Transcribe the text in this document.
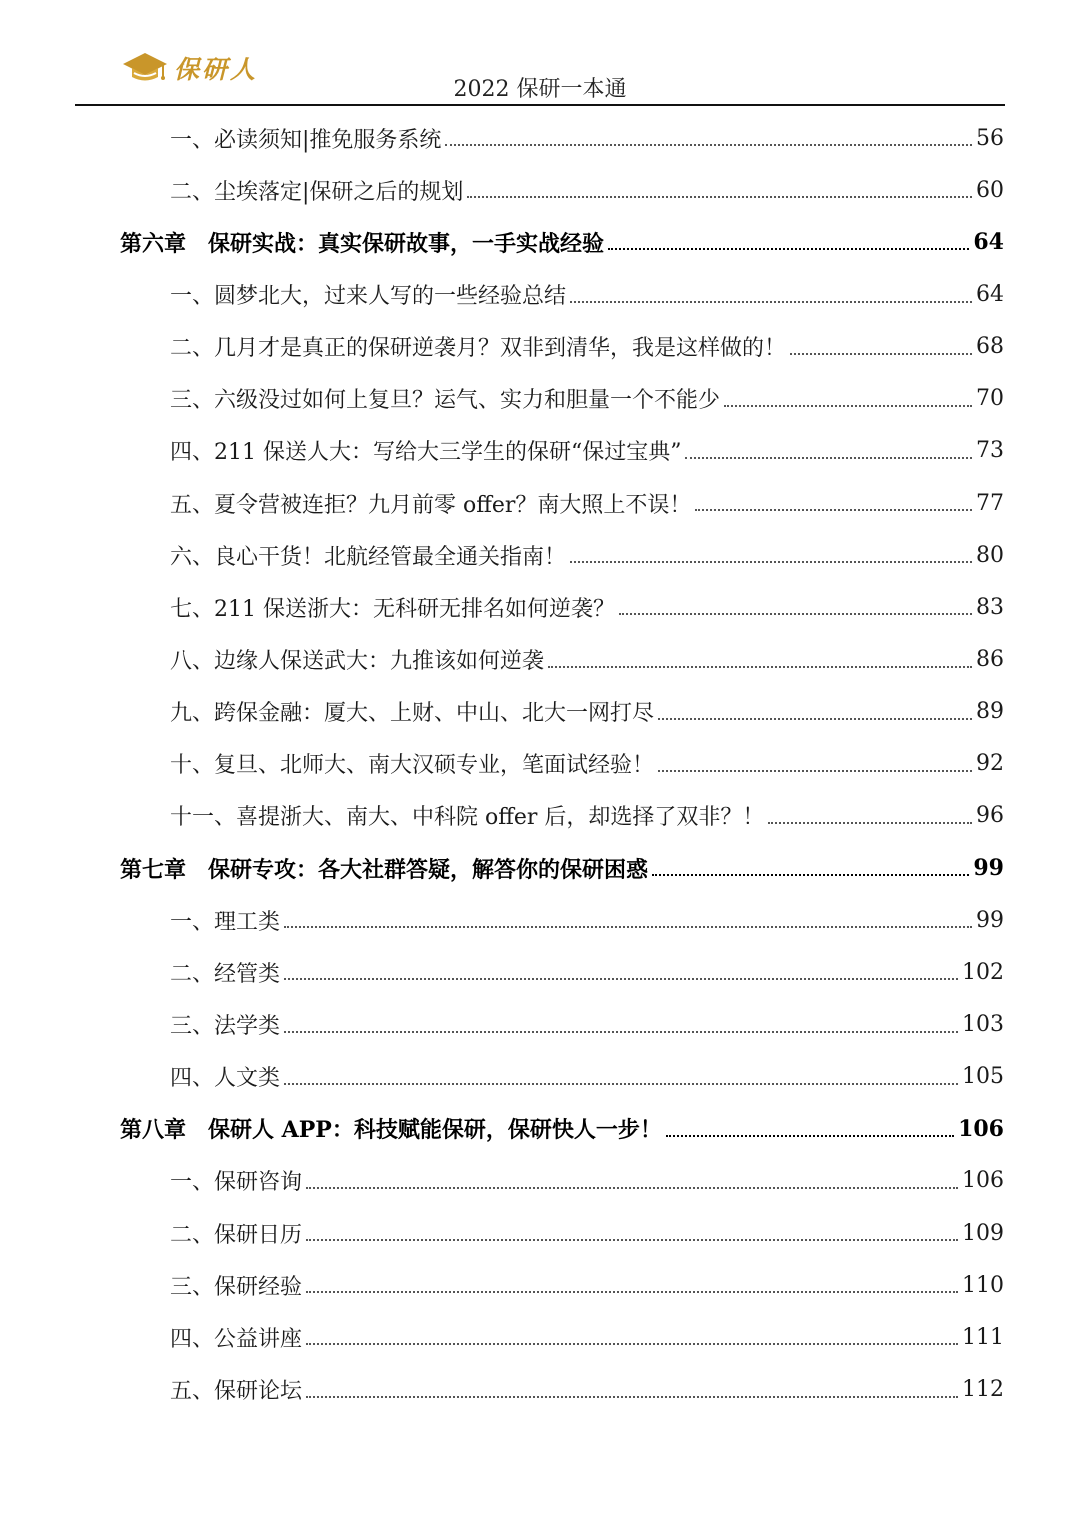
保研人
2022 保研一本通
一、必读须知|推免服务系统	56
二、尘埃落定|保研之后的规划	60
第六章　保研实战：真实保研故事，一手实战经验	64
一、圆梦北大，过来人写的一些经验总结	64
二、几月才是真正的保研逆袭月？双非到清华，我是这样做的！	68
三、六级没过如何上复旦？运气、实力和胆量一个不能少	70
四、211 保送人大：写给大三学生的保研“保过宝典”	73
五、夏令营被连拒？九月前零 offer？南大照上不误！	77
六、良心干货！北航经管最全通关指南！	80
七、211 保送浙大：无科研无排名如何逆袭？	83
八、边缘人保送武大：九推该如何逆袭	86
九、跨保金融：厦大、上财、中山、北大一网打尽	89
十、复旦、北师大、南大汉硕专业，笔面试经验！	92
十一、喜提浙大、南大、中科院 offer 后，却选择了双非？！	96
第七章　保研专攻：各大社群答疑，解答你的保研困惑	99
一、理工类	99
二、经管类	102
三、法学类	103
四、人文类	105
第八章　保研人 APP：科技赋能保研，保研快人一步！	106
一、保研咨询	106
二、保研日历	109
三、保研经验	110
四、公益讲座	111
五、保研论坛	112
